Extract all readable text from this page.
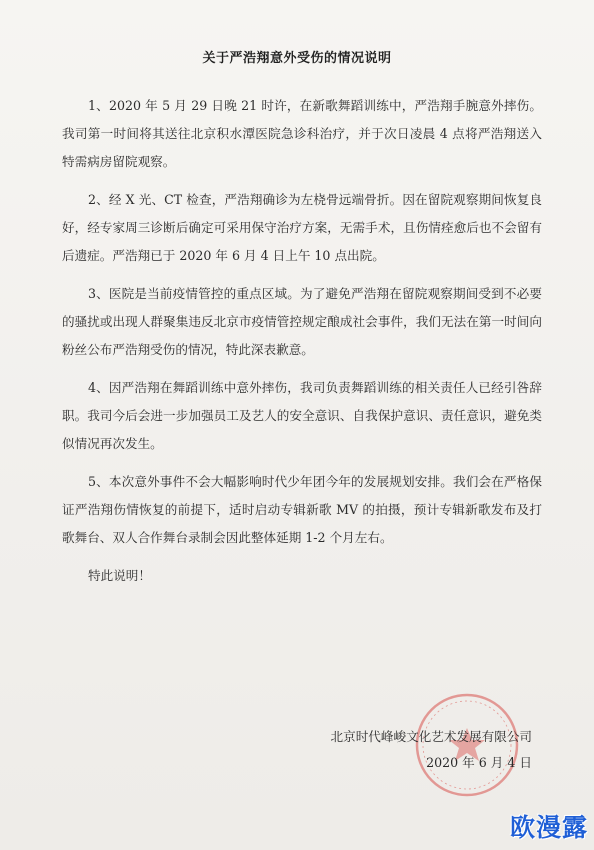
关于严浩翔意外受伤的情况说明

1、2020 年 5 月 29 日晚 21 时许，在新歌舞蹈训练中，严浩翔手腕意外摔伤。我司第一时间将其送往北京积水潭医院急诊科治疗，并于次日凌晨 4 点将严浩翔送入特需病房留院观察。

2、经 X 光、CT 检查，严浩翔确诊为左桡骨远端骨折。因在留院观察期间恢复良好，经专家周三诊断后确定可采用保守治疗方案，无需手术，且伤情痊愈后也不会留有后遗症。严浩翔已于 2020 年 6 月 4 日上午 10 点出院。

3、医院是当前疫情管控的重点区域。为了避免严浩翔在留院观察期间受到不必要的骚扰或出现人群聚集违反北京市疫情管控规定酿成社会事件，我们无法在第一时间向粉丝公布严浩翔受伤的情况，特此深表歉意。

4、因严浩翔在舞蹈训练中意外摔伤，我司负责舞蹈训练的相关责任人已经引咎辞职。我司今后会进一步加强员工及艺人的安全意识、自我保护意识、责任意识，避免类似情况再次发生。

5、本次意外事件不会大幅影响时代少年团今年的发展规划安排。我们会在严格保证严浩翔伤情恢复的前提下，适时启动专辑新歌 MV 的拍摄，预计专辑新歌发布及打歌舞台、双人合作舞台录制会因此整体延期 1-2 个月左右。

特此说明！

北京时代峰峻文化艺术发展有限公司
2020 年 6 月 4 日
欧漫露
